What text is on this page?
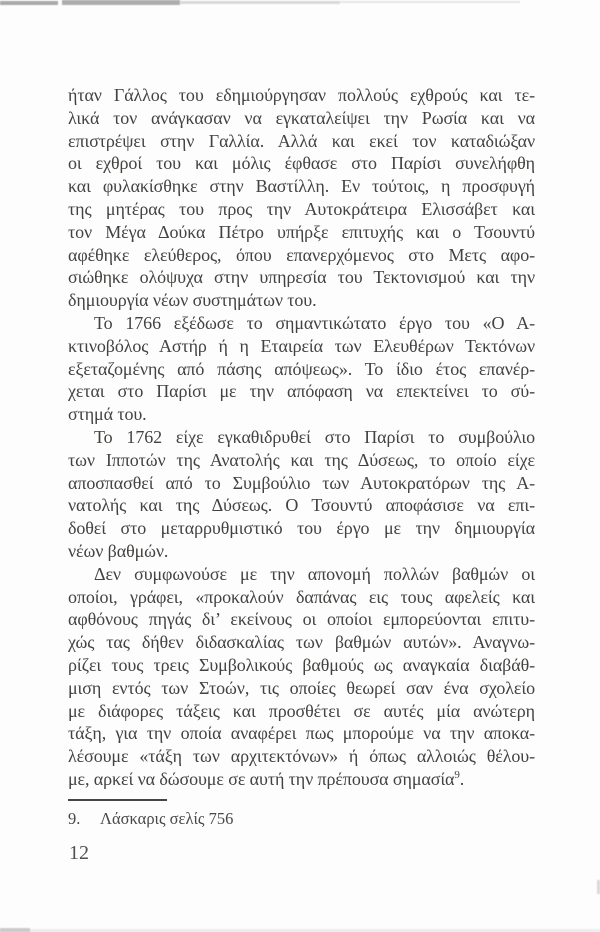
ήταν Γάλλος του εδημιούργησαν πολλούς εχθρούς και τε-
λικά τον ανάγκασαν να εγκαταλείψει την Ρωσία και να
επιστρέψει στην Γαλλία. Αλλά και εκεί τον καταδιώξαν
οι εχθροί του και μόλις έφθασε στο Παρίσι συνελήφθη
και φυλακίσθηκε στην Βαστίλλη. Εν τούτοις, η προσφυγή
της μητέρας του προς την Αυτοκράτειρα Ελισσάβετ και
τον Μέγα Δούκα Πέτρο υπήρξε επιτυχής και ο Τσουντύ
αφέθηκε ελεύθερος, όπου επανερχόμενος στο Μετς αφο-
σιώθηκε ολόψυχα στην υπηρεσία του Τεκτονισμού και την
δημιουργία νέων συστημάτων του.
Το 1766 εξέδωσε το σημαντικώτατο έργο του «Ο Α-
κτινοβόλος Αστήρ ή η Εταιρεία των Ελευθέρων Τεκτόνων
εξεταζομένης από πάσης απόψεως». Το ίδιο έτος επανέρ-
χεται στο Παρίσι με την απόφαση να επεκτείνει το σύ-
στημά του.
Το 1762 είχε εγκαθιδρυθεί στο Παρίσι το συμβούλιο
των Ιπποτών της Ανατολής και της Δύσεως, το οποίο είχε
αποσπασθεί από το Συμβούλιο των Αυτοκρατόρων της Α-
νατολής και της Δύσεως. Ο Τσουντύ αποφάσισε να επι-
δοθεί στο μεταρρυθμιστικό του έργο με την δημιουργία
νέων βαθμών.
Δεν συμφωνούσε με την απονομή πολλών βαθμών οι
οποίοι, γράφει, «προκαλούν δαπάνας εις τους αφελείς και
αφθόνους πηγάς δι’ εκείνους οι οποίοι εμπορεύονται επιτυ-
χώς τας δήθεν διδασκαλίας των βαθμών αυτών». Αναγνω-
ρίζει τους τρεις Συμβολικούς βαθμούς ως αναγκαία διαβάθ-
μιση εντός των Στοών, τις οποίες θεωρεί σαν ένα σχολείο
με διάφορες τάξεις και προσθέτει σε αυτές μία ανώτερη
τάξη, για την οποία αναφέρει πως μπορούμε να την αποκα-
λέσουμε «τάξη των αρχιτεκτόνων» ή όπως αλλοιώς θέλου-
με, αρκεί να δώσουμε σε αυτή την πρέπουσα σημασία$^9$.
9. Λάσκαρις σελίς 756
12
